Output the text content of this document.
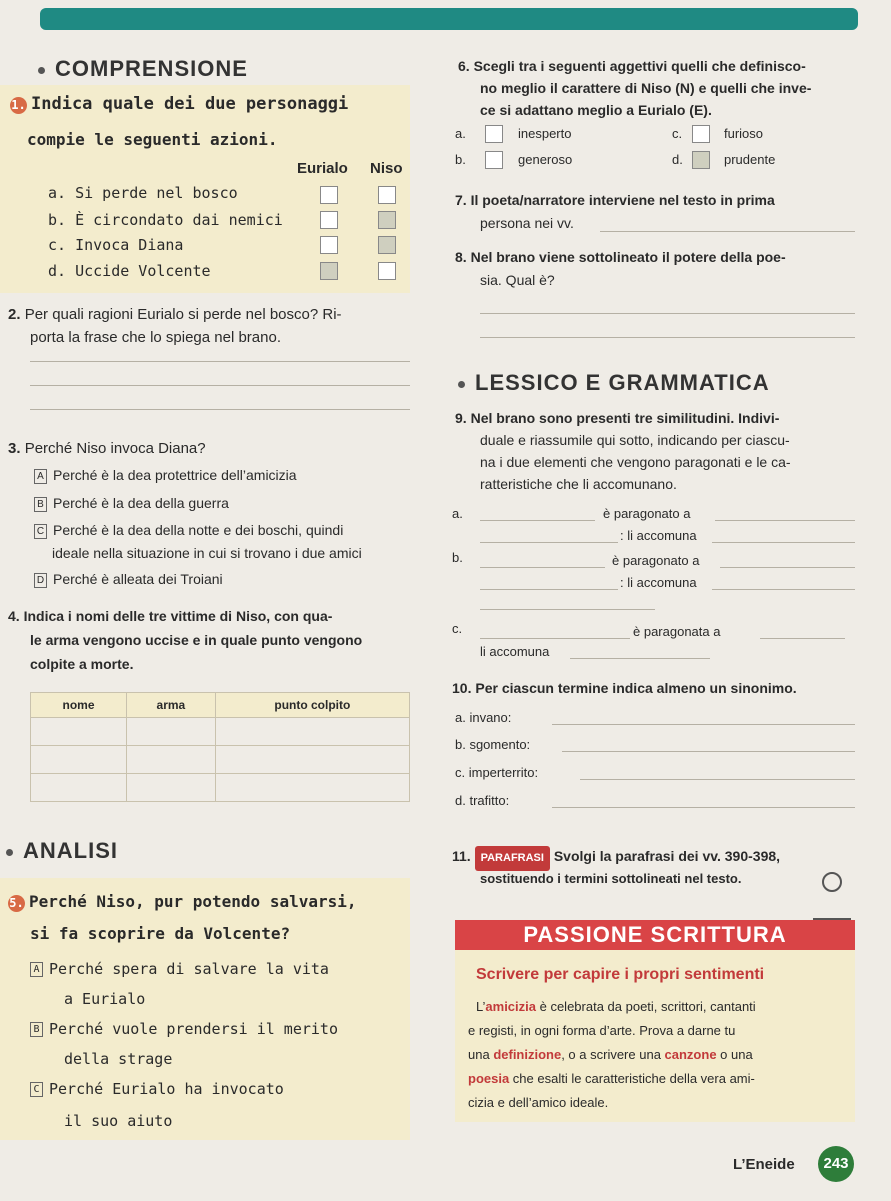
COMPRENSIONE
1. Indica quale dei due personaggi
compie le seguenti azioni.
Eurialo Niso
a. Si perde nel bosco
b. È circondato dai nemici
c. Invoca Diana
d. Uccide Volcente
2. Per quali ragioni Eurialo si perde nel bosco? Ri-
porta la frase che lo spiega nel brano.
3. Perché Niso invoca Diana?
A Perché è la dea protettrice dell’amicizia
B Perché è la dea della guerra
C Perché è la dea della notte e dei boschi, quindi
ideale nella situazione in cui si trovano i due amici
D Perché è alleata dei Troiani
4. Indica i nomi delle tre vittime di Niso, con qua-
le arma vengono uccise e in quale punto vengono
colpite a morte.
nome	arma	punto colpito

6. Scegli tra i seguenti aggettivi quelli che definisco-
no meglio il carattere di Niso (N) e quelli che inve-
ce si adattano meglio a Eurialo (E).
a.	inesperto	c.	furioso
b.	generoso	d.	prudente
7. Il poeta/narratore interviene nel testo in prima
persona nei vv.
8. Nel brano viene sottolineato il potere della poe-
sia. Qual è?
LESSICO E GRAMMATICA
9. Nel brano sono presenti tre similitudini. Indivi-
duale e riassumile qui sotto, indicando per ciascu-
na i due elementi che vengono paragonati e le ca-
ratteristiche che li accomunano.
a.	è paragonato a
: li accomuna
b.	è paragonato a
: li accomuna
c.	è paragonata a
li accomuna
10. Per ciascun termine indica almeno un sinonimo.
a. invano:
b. sgomento:
c. imperterrito:
d. trafitto:
ANALISI
5. Perché Niso, pur potendo salvarsi,
si fa scoprire da Volcente?
A Perché spera di salvare la vita
a Eurialo
B Perché vuole prendersi il merito
della strage
C Perché Eurialo ha invocato
il suo aiuto
11. PARAFRASI Svolgi la parafrasi dei vv. 390-398,
sostituendo i termini sottolineati nel testo.
PASSIONE SCRITTURA
Scrivere per capire i propri sentimenti
L’amicizia è celebrata da poeti, scrittori, cantanti
e registi, in ogni forma d’arte. Prova a darne tu
una definizione, o a scrivere una canzone o una
poesia che esalti le caratteristiche della vera ami-
cizia e dell’amico ideale.
L’Eneide	243
